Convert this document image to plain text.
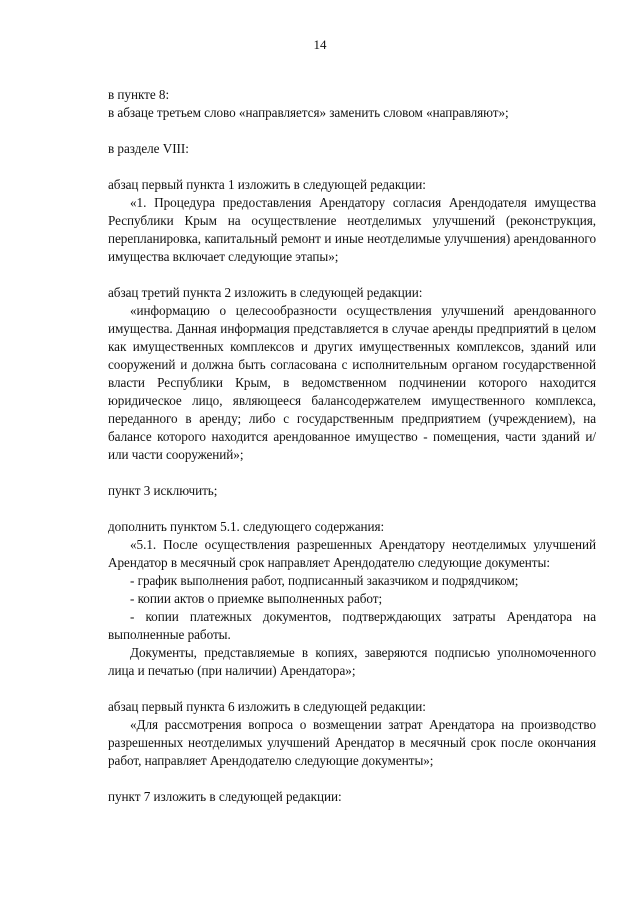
14

в пункте 8:

в абзаце третьем слово «направляется» заменить словом «направляют»;

в разделе VIII:

абзац первый пункта 1 изложить в следующей редакции:

«1. Процедура предоставления Арендатору согласия Арендодателя имущества Республики Крым на осуществление неотделимых улучшений (реконструкция, перепланировка, капитальный ремонт и иные неотделимые улучшения) арендованного имущества включает следующие этапы»;

абзац третий пункта 2 изложить в следующей редакции:

«информацию о целесообразности осуществления улучшений арендованного имущества. Данная информация представляется в случае аренды предприятий в целом как имущественных комплексов и других имущественных комплексов, зданий или сооружений и должна быть согласована с исполнительным органом государственной власти Республики Крым, в ведомственном подчинении которого находится юридическое лицо, являющееся балансодержателем имущественного комплекса, переданного в аренду; либо с государственным предприятием (учреждением), на балансе которого находится арендованное имущество - помещения, части зданий и/или части сооружений»;

пункт 3 исключить;

дополнить пунктом 5.1. следующего содержания:

«5.1. После осуществления разрешенных Арендатору неотделимых улучшений Арендатор в месячный срок направляет Арендодателю следующие документы:

- график выполнения работ, подписанный заказчиком и подрядчиком;

- копии актов о приемке выполненных работ;

- копии платежных документов, подтверждающих затраты Арендатора на выполненные работы.

Документы, представляемые в копиях, заверяются подписью уполномоченного лица и печатью (при наличии) Арендатора»;

абзац первый пункта 6 изложить в следующей редакции:

«Для рассмотрения вопроса о возмещении затрат Арендатора на производство разрешенных неотделимых улучшений Арендатор в месячный срок после окончания работ, направляет Арендодателю следующие документы»;

пункт 7 изложить в следующей редакции:
